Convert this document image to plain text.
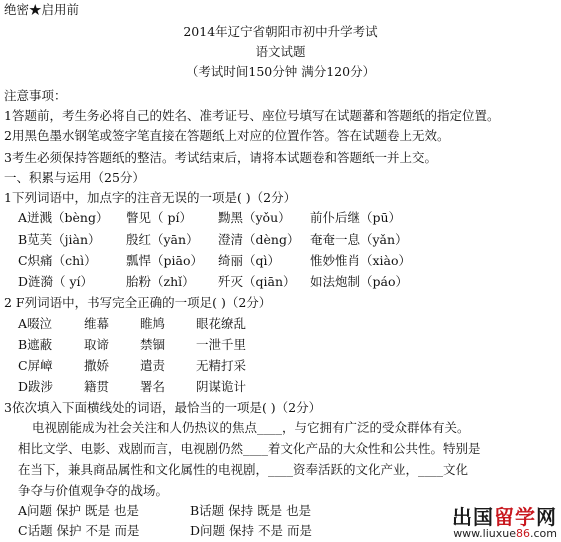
绝密★启用前
2014年辽宁省朝阳市初中升学考试
语文试题
（考试时间150分钟 满分120分）
注意事项：
1答题前，考生务必将自己的姓名、准考证号、座位号填写在试题蕃和答题纸的指定位置。
2用黑色墨水钢笔或签字笔直接在答题纸上对应的位置作答。答在试题卷上无效。
3考生必须保持答题纸的整洁。考试结束后，请将本试题卷和答题纸一并上交。
一、积累与运用（25分）
1下列词语中，加点字的注音无误的一项是( )（2分）
A迸溅（bèng） 瞥见（ pí） 黝黑（yǒu） 前仆后继（pū）
B苋芙（jiàn） 殷红（yān） 澄清（dèng） 奄奄一息（yǎn）
C炽痛（chì） 瓢悍（piāo） 绮丽（qì） 惟妙惟肖（xiào）
D涟漪（ yí）	胎粉（zhǐ） 歼灭（qiān） 如法炮制（páo）
2 F列词语中，书写完全正确的一项足( )（2分）
A啜泣	维幕 睢鸠 眼花缭乱
B遮蔽	取谛 禁锢 一泄千里
C屏嶂	撒娇 遣责 无精打采
D跋涉 籍贯 署名 阴谋诡计
3依次填入下面横线处的词语，最恰当的一项是( )（2分）
电视剧能成为社会关注和人仍热议的焦点____，与它拥有广泛的受众群体有关。
相比文学、电影、戏剧而言，电视剧仍然____着文化产品的大众性和公共性。特别是
在当下，兼具商品属性和文化属性的电视剧，____资奉活跃的文化产业，____文化
争夺与价值观争夺的战场。
A问题 保护 既是 也是	B话题 保持 既是 也是
C话题 保护 不是 而是	D问题 保持 不是 而是
出国留学网
www.liuxue86.com
